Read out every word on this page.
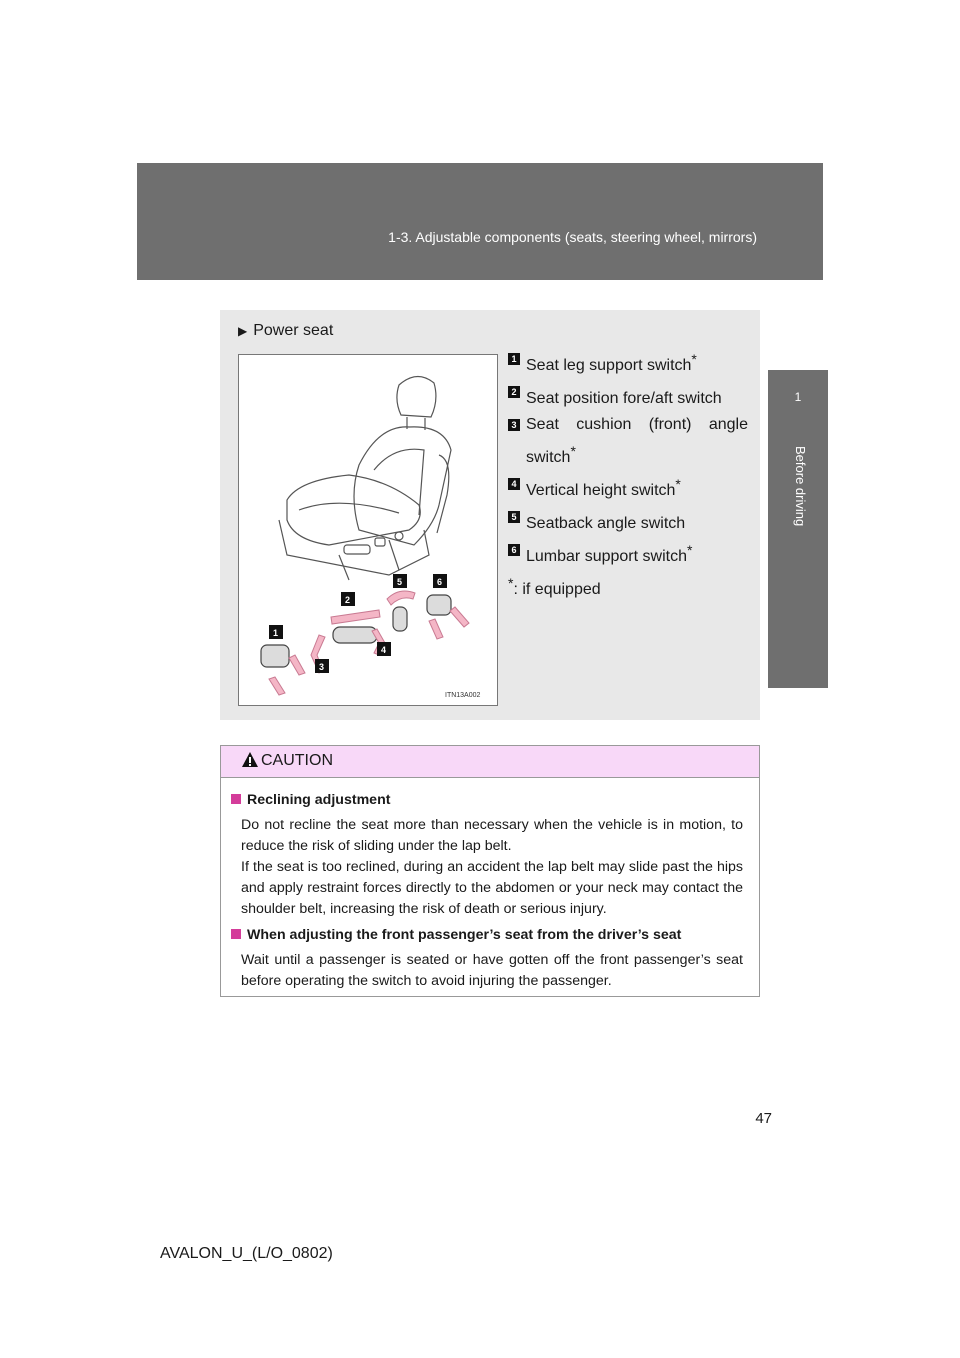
1-3. Adjustable components (seats, steering wheel, mirrors)
1
Before driving
▶ Power seat
1
2
3
4
5	6
ITN13A002
1 Seat leg support switch*
2 Seat position fore/aft switch
3 Seat cushion (front) angle switch*
4 Vertical height switch*
5 Seatback angle switch
6 Lumbar support switch*
*: if equipped
CAUTION
Reclining adjustment
Do not recline the seat more than necessary when the vehicle is in motion, to reduce the risk of sliding under the lap belt.
If the seat is too reclined, during an accident the lap belt may slide past the hips and apply restraint forces directly to the abdomen or your neck may contact the shoulder belt, increasing the risk of death or serious injury.
When adjusting the front passenger’s seat from the driver’s seat
Wait until a passenger is seated or have gotten off the front passenger’s seat before operating the switch to avoid injuring the passenger.
47
AVALON_U_(L/O_0802)
